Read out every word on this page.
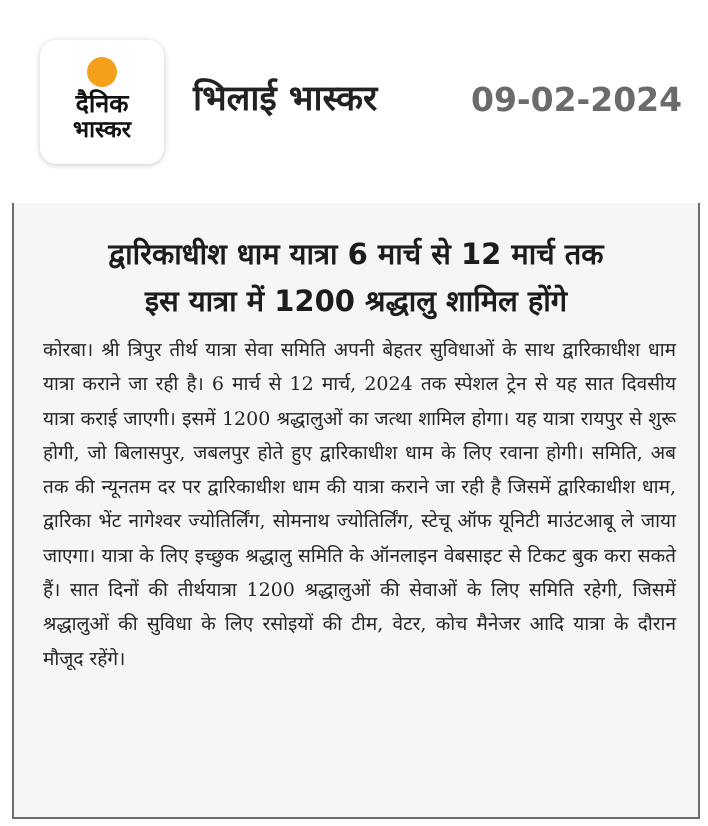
दैनिक
भास्कर
भिलाई भास्कर	09-02-2024
द्वारिकाधीश धाम यात्रा 6 मार्च से 12 मार्च तक
इस यात्रा में 1200 श्रद्धालु शामिल होंगे
कोरबा। श्री त्रिपुर तीर्थ यात्रा सेवा समिति अपनी बेहतर सुविधाओं के साथ द्वारिकाधीश धाम यात्रा कराने जा रही है। 6 मार्च से 12 मार्च, 2024 तक स्पेशल ट्रेन से यह सात दिवसीय यात्रा कराई जाएगी। इसमें 1200 श्रद्धालुओं का जत्था शामिल होगा। यह यात्रा रायपुर से शुरू होगी, जो बिलासपुर, जबलपुर होते हुए द्वारिकाधीश धाम के लिए रवाना होगी। समिति, अब तक की न्यूनतम दर पर द्वारिकाधीश धाम की यात्रा कराने जा रही है जिसमें द्वारिकाधीश धाम, द्वारिका भेंट नागेश्वर ज्योतिर्लिंग, सोमनाथ ज्योतिर्लिंग, स्टेचू ऑफ यूनिटी माउंटआबू ले जाया जाएगा। यात्रा के लिए इच्छुक श्रद्धालु समिति के ऑनलाइन वेबसाइट से टिकट बुक करा सकते हैं। सात दिनों की तीर्थयात्रा 1200 श्रद्धालुओं की सेवाओं के लिए समिति रहेगी, जिसमें श्रद्धालुओं की सुविधा के लिए रसोइयों की टीम, वेटर, कोच मैनेजर आदि यात्रा के दौरान मौजूद रहेंगे।
